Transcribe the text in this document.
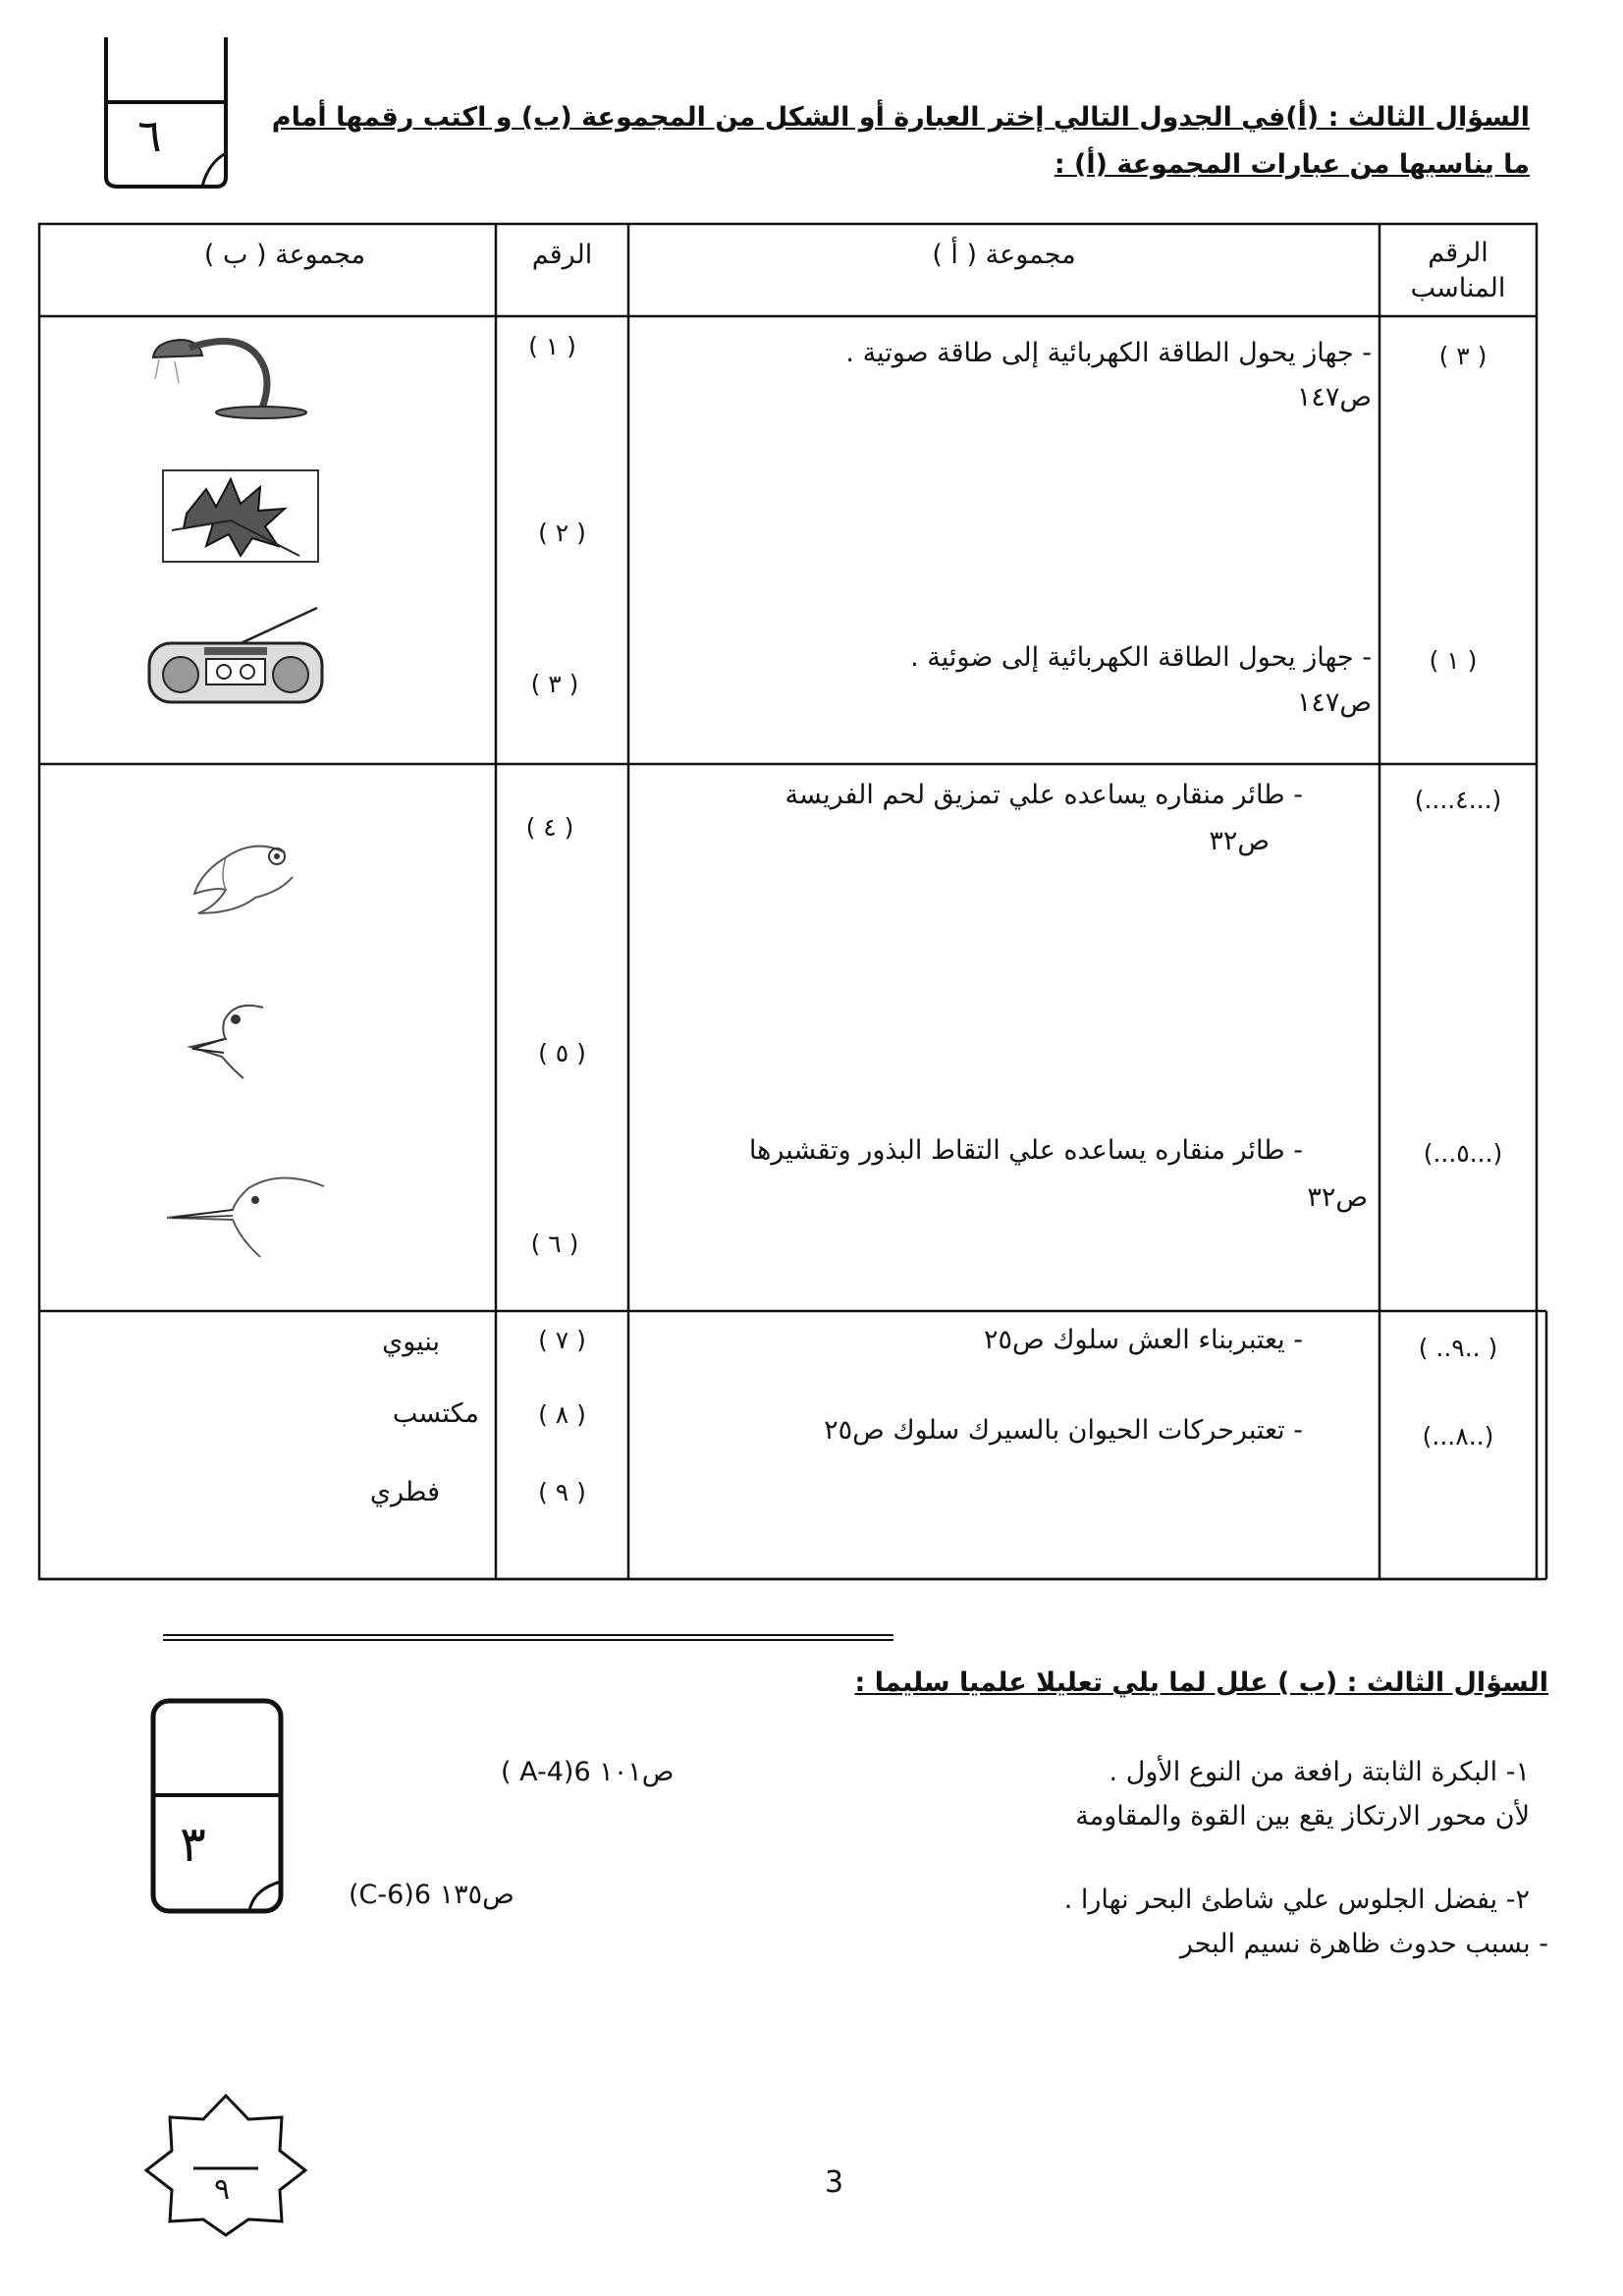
٦	السؤال الثالث : (أ)في الجدول التالي إختر العبارة أو الشكل من المجموعة (ب) و اكتب رقمها أمام
ما يناسبها من عبارات المجموعة (أ) :
الرقم
المناسب
مجموعة ( أ )
الرقم
مجموعة ( ب )
( ٣ )
- جهاز يحول الطاقة الكهربائية إلى طاقة صوتية .
ص١٤٧
( ١ )
- جهاز يحول الطاقة الكهربائية إلى ضوئية .
ص١٤٧
( ١ )
( ٢ )
( ٣ )
(....٤...)
- طائر منقاره يساعده علي تمزيق لحم الفريسة
ص٣٢
(...٥...)
- طائر منقاره يساعده علي التقاط البذور وتقشيرها
ص٣٢
( ٤ )
( ٥ )
( ٦ )
( ..٩.. )
- يعتبربناء العش سلوك ص٢٥
(...٨..)
- تعتبرحركات الحيوان بالسيرك سلوك ص٢٥
( ٧ )
( ٨ )
( ٩ )
بنيوي
مكتسب
فطري
=======================================================================
السؤال الثالث : (ب ) علل لما يلي تعليلا علميا سليما :
٣
١- البكرة الثابتة رافعة من النوع الأول .
لأن محور الارتكاز يقع بين القوة والمقاومة
( A-4)6 ص١٠١
٢- يفضل الجلوس علي شاطئ البحر نهارا .
- بسبب حدوث ظاهرة نسيم البحر
(C-6)6 ص١٣٥
٩	3
